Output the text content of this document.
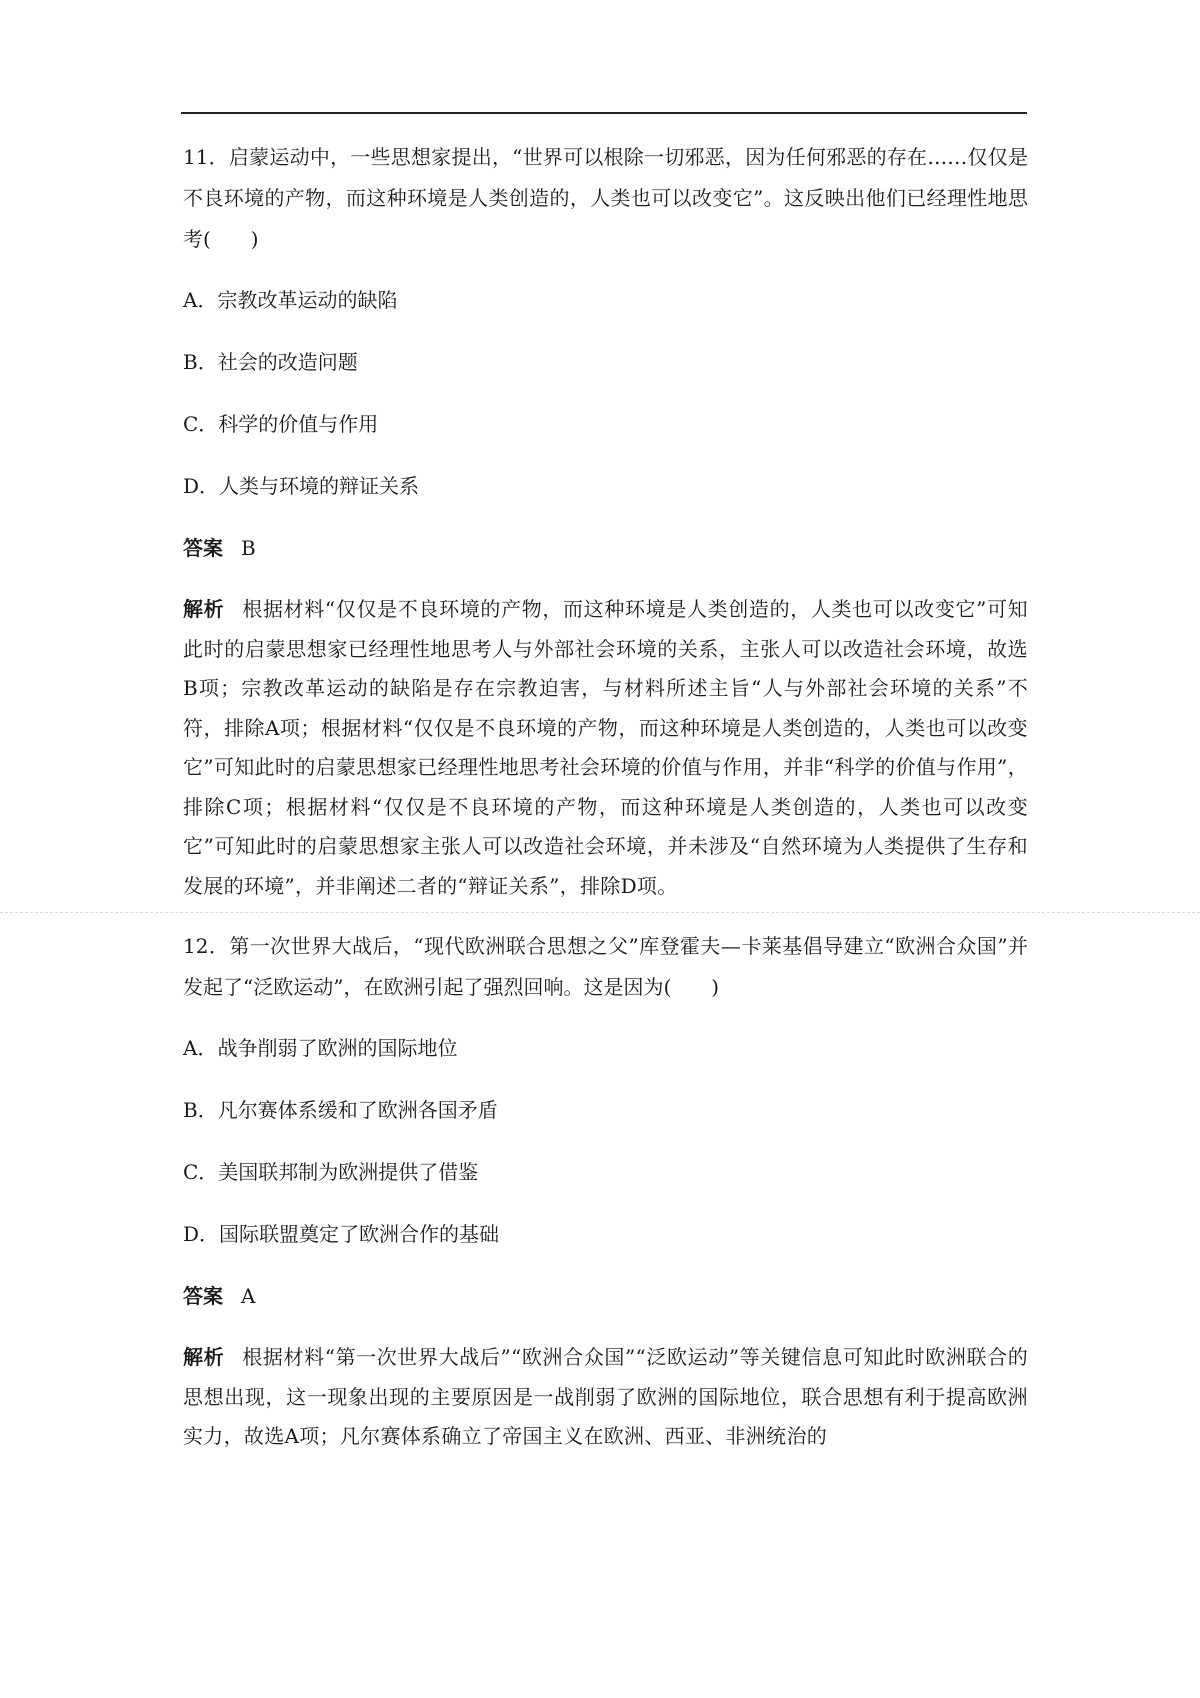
11．启蒙运动中，一些思想家提出，“世界可以根除一切邪恶，因为任何邪恶的存在……仅仅是不良环境的产物，而这种环境是人类创造的，人类也可以改变它”。这反映出他们已经理性地思考(　　)

A．宗教改革运动的缺陷

B．社会的改造问题

C．科学的价值与作用

D．人类与环境的辩证关系

答案 B

解析 根据材料“仅仅是不良环境的产物，而这种环境是人类创造的，人类也可以改变它”可知此时的启蒙思想家已经理性地思考人与外部社会环境的关系，主张人可以改造社会环境，故选B项；宗教改革运动的缺陷是存在宗教迫害，与材料所述主旨“人与外部社会环境的关系”不符，排除A项；根据材料“仅仅是不良环境的产物，而这种环境是人类创造的，人类也可以改变它”可知此时的启蒙思想家已经理性地思考社会环境的价值与作用，并非“科学的价值与作用”，排除C项；根据材料“仅仅是不良环境的产物，而这种环境是人类创造的，人类也可以改变它”可知此时的启蒙思想家主张人可以改造社会环境，并未涉及“自然环境为人类提供了生存和发展的环境”，并非阐述二者的“辩证关系”，排除D项。

12．第一次世界大战后，“现代欧洲联合思想之父”库登霍夫—卡莱基倡导建立“欧洲合众国”并发起了“泛欧运动”，在欧洲引起了强烈回响。这是因为(　　)

A．战争削弱了欧洲的国际地位

B．凡尔赛体系缓和了欧洲各国矛盾

C．美国联邦制为欧洲提供了借鉴

D．国际联盟奠定了欧洲合作的基础

答案 A

解析 根据材料“第一次世界大战后”“欧洲合众国”“泛欧运动”等关键信息可知此时欧洲联合的思想出现，这一现象出现的主要原因是一战削弱了欧洲的国际地位，联合思想有利于提高欧洲实力，故选A项；凡尔赛体系确立了帝国主义在欧洲、西亚、非洲统治的
